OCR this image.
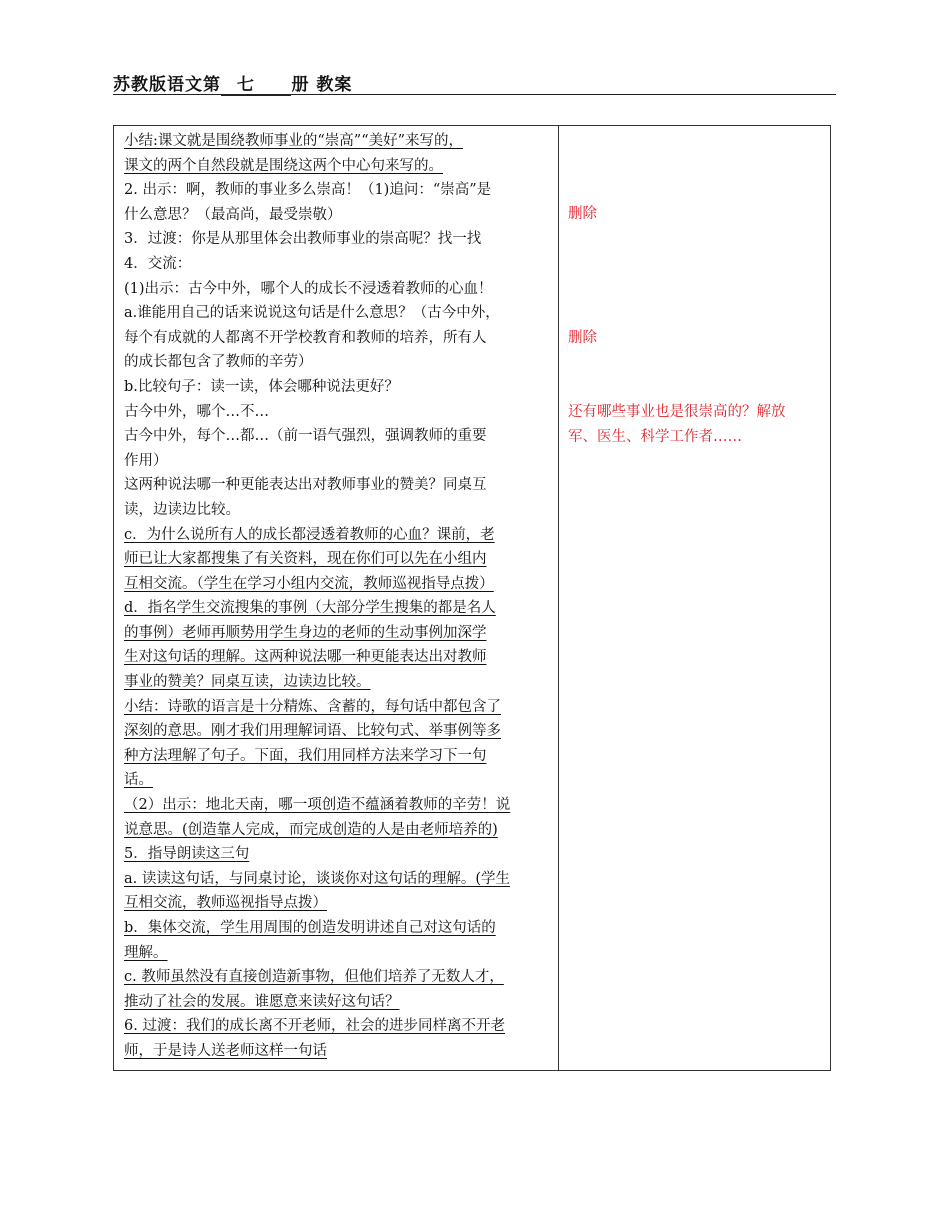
苏教版语文第 七 册 教案

小结:课文就是围绕教师事业的“崇高”“美好”来写的，

课文的两个自然段就是围绕这两个中心句来写的。

2. 出示：啊，教师的事业多么崇高！（1)追问：“崇高”是

什么意思？（最高尚，最受崇敬）

3．过渡：你是从那里体会出教师事业的崇高呢？找一找

4．交流：

(1)出示：古今中外，哪个人的成长不浸透着教师的心血！

a.谁能用自己的话来说说这句话是什么意思？（古今中外，

每个有成就的人都离不开学校教育和教师的培养，所有人

的成长都包含了教师的辛劳）

b.比较句子：读一读，体会哪种说法更好？

古今中外，哪个…不…

古今中外，每个…都…（前一语气强烈，强调教师的重要

作用）

这两种说法哪一种更能表达出对教师事业的赞美？同桌互

读，边读边比较。

c．为什么说所有人的成长都浸透着教师的心血？课前，老

师已让大家都搜集了有关资料，现在你们可以先在小组内

互相交流。（学生在学习小组内交流，教师巡视指导点拨）

d．指名学生交流搜集的事例（大部分学生搜集的都是名人

的事例）老师再顺势用学生身边的老师的生动事例加深学

生对这句话的理解。这两种说法哪一种更能表达出对教师

事业的赞美？同桌互读，边读边比较。

小结：诗歌的语言是十分精炼、含蓄的，每句话中都包含了

深刻的意思。刚才我们用理解词语、比较句式、举事例等多

种方法理解了句子。下面，我们用同样方法来学习下一句

话。

（2）出示：地北天南，哪一项创造不蕴涵着教师的辛劳！说

说意思。(创造靠人完成，而完成创造的人是由老师培养的)

5．指导朗读这三句

a. 读读这句话，与同桌讨论，谈谈你对这句话的理解。(学生

互相交流，教师巡视指导点拨）

b．集体交流，学生用周围的创造发明讲述自己对这句话的

理解。

c. 教师虽然没有直接创造新事物，但他们培养了无数人才，

推动了社会的发展。谁愿意来读好这句话？

6. 过渡：我们的成长离不开老师，社会的进步同样离不开老

师，于是诗人送老师这样一句话

删除

删除

还有哪些事业也是很崇高的？解放

军、医生、科学工作者……
